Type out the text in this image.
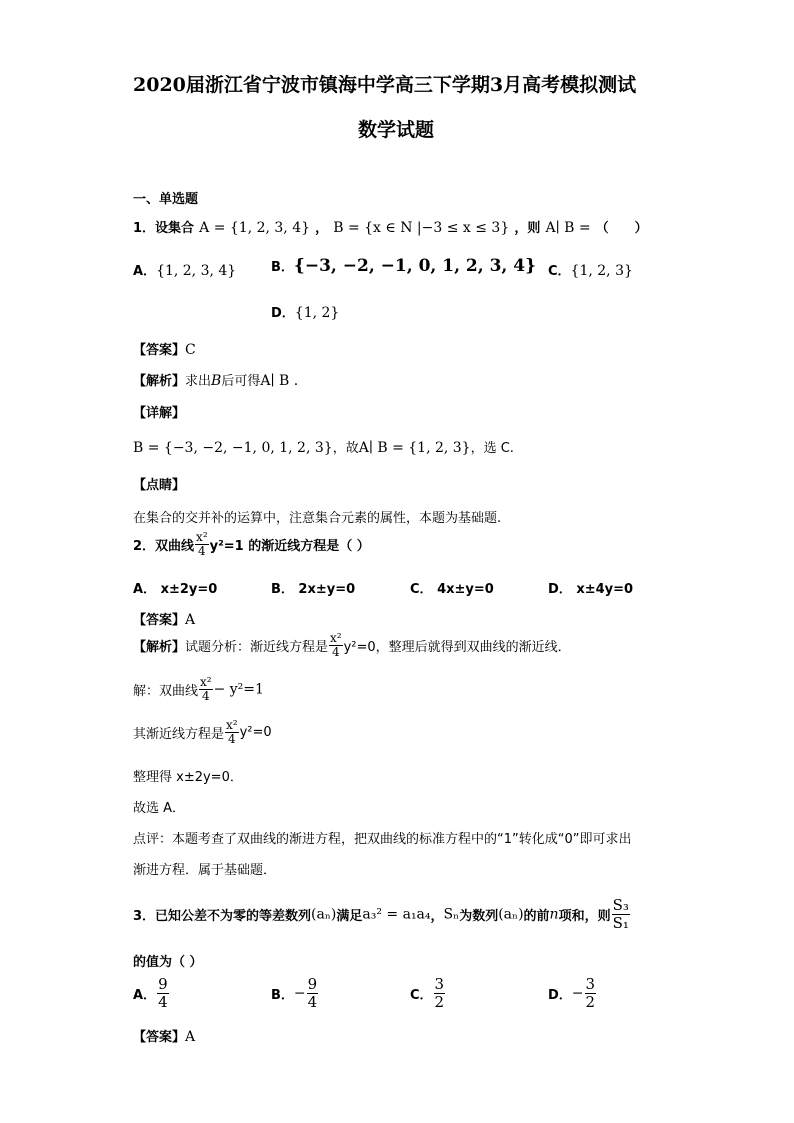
2020届浙江省宁波市镇海中学高三下学期3月高考模拟测试
数学试题
一、单选题
1．设集合 A = {1, 2, 3, 4} ， B = {x ∈ N |−3 ≤ x ≤ 3} ，则 A∣ B = （　　）
A．{1, 2, 3, 4}	B．{−3, −2, −1, 0, 1, 2, 3, 4} C．{1, 2, 3}
D．{1, 2}
【答案】C
【解析】求出B后可得A∣ B .
【详解】
B = {−3, −2, −1, 0, 1, 2, 3}，故A∣ B = {1, 2, 3}，选 C.
【点睛】
在集合的交并补的运算中，注意集合元素的属性，本题为基础题.
2．双曲线 $\frac{\text{x²}}{4} y^2=1$ 的渐近线方程是（ ）
A． x±2y=0	B． 2x±y=0	C． 4x±y=0	D． x±4y=0
【答案】A
【解析】试题分析：渐近线方程是 $\frac{\text{x²}}{4} y^2=0$，整理后就得到双曲线的渐近线．
解：双曲线 $\frac{\text{x²}}{4} - y^2=1$
其渐近线方程是 $\frac{\text{x²}}{4} y^2=0$
整理得 x±2y=0．
故选 A．
点评：本题考查了双曲线的渐进方程，把双曲线的标准方程中的“1”转化成“0”即可求出
渐进方程．属于基础题．
3．已知公差不为零的等差数列(aₙ)满足a₃² = a₁a₄，Sₙ为数列(aₙ)的前n项和，则 $\frac{\text{S₃}}{\text{S₁}}$
的值为（ ）
A． $\frac{9}{4}$	B．− $\frac{9}{4}$	C． $\frac{3}{2}$	D．− $\frac{3}{2}$
【答案】A
